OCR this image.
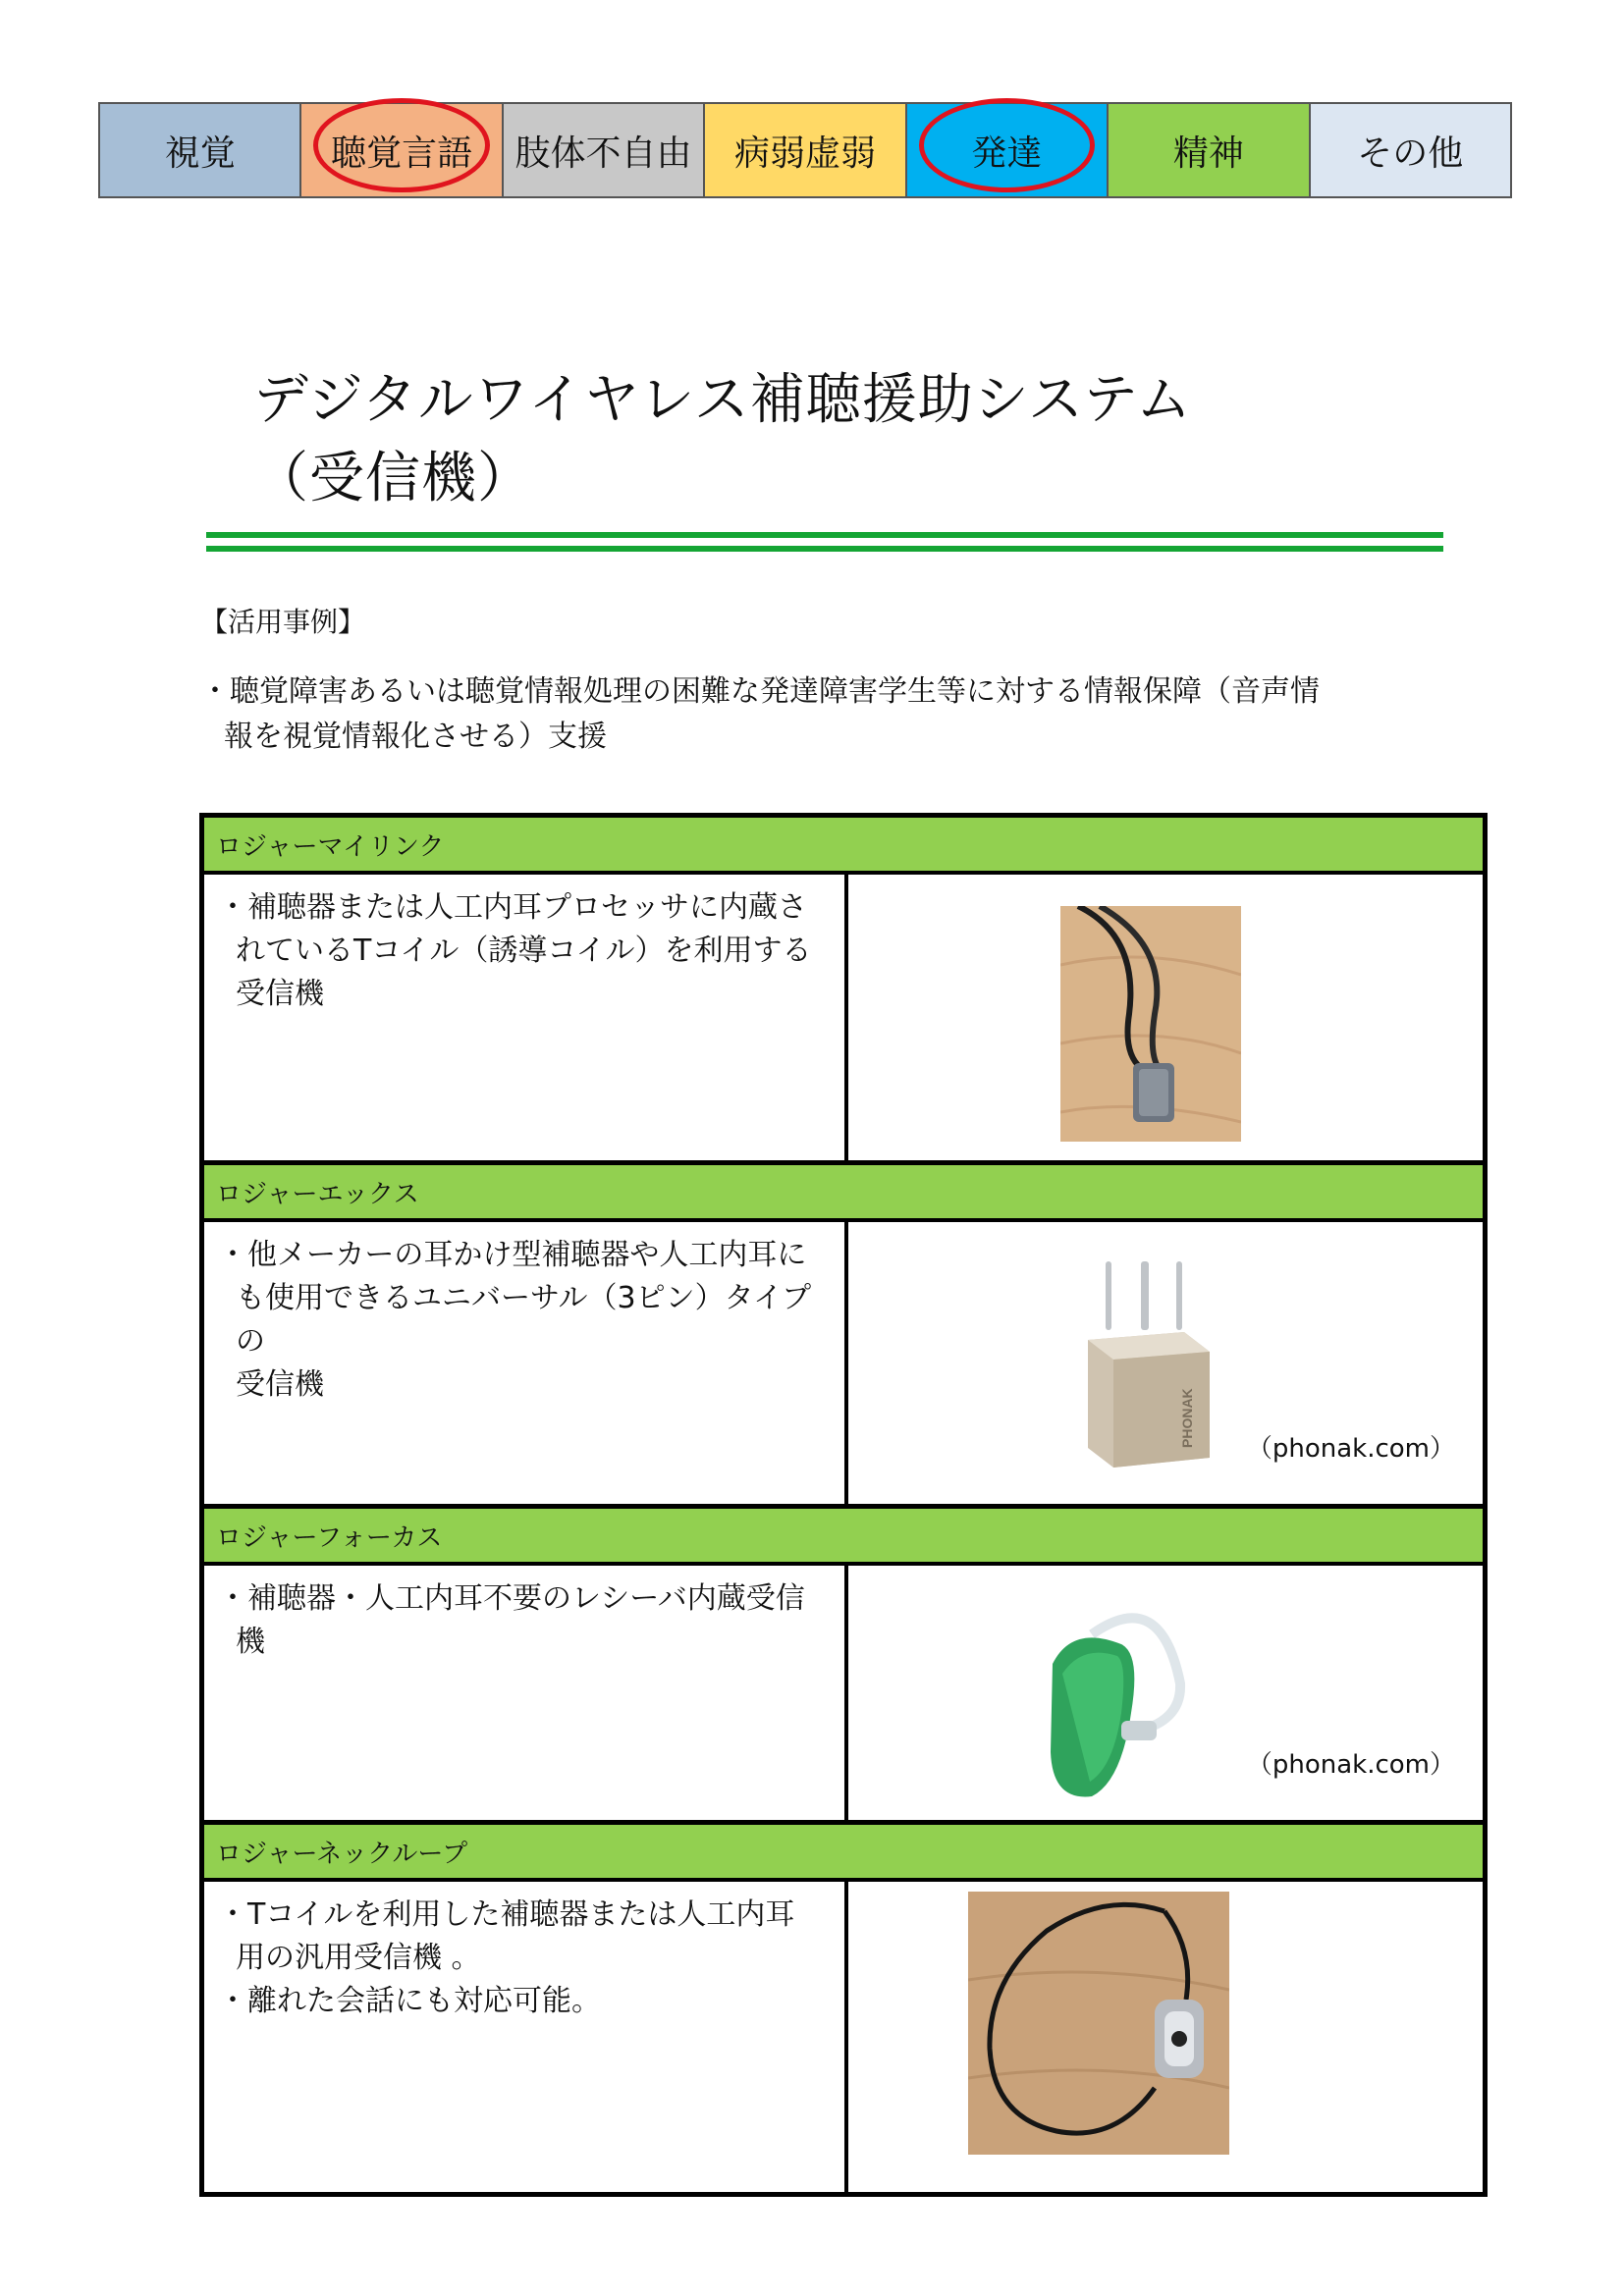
視覚	聴覚言語 肢体不自由 病弱虚弱	発達	精神	その他
デジタルワイヤレス補聴援助システム
（受信機）
【活用事例】
・聴覚障害あるいは聴覚情報処理の困難な発達障害学生等に対する情報保障（音声情
報を視覚情報化させる）支援
ロジャーマイリンク

・補聴器または人工内耳プロセッサに内蔵さ

れているTコイル（誘導コイル）を利用する

受信機

ロジャーエックス

・他メーカーの耳かけ型補聴器や人工内耳に

も使用できるユニバーサル（3ピン）タイプの

受信機

PHONAK
（phonak.com）
ロジャーフォーカス

・補聴器・人工内耳不要のレシーバ内蔵受信

機

（phonak.com）
ロジャーネックループ

・Tコイルを利用した補聴器または人工内耳

用の汎用受信機 。

・離れた会話にも対応可能。
